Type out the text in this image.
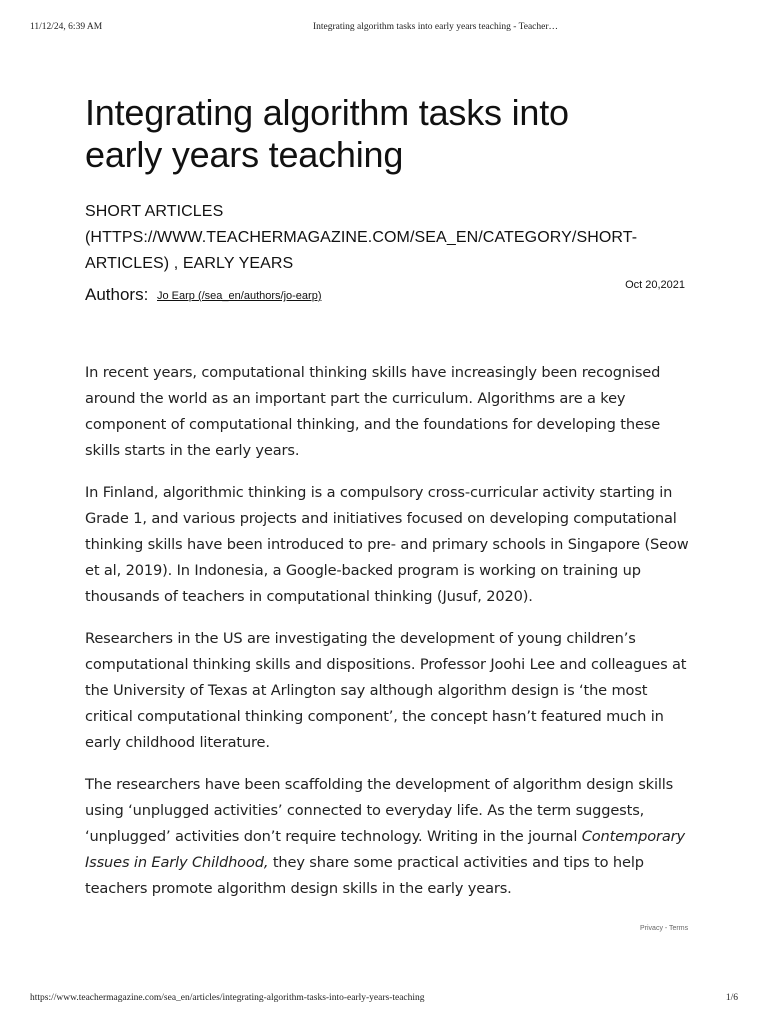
11/12/24, 6:39 AM	Integrating algorithm tasks into early years teaching - Teacher…
Integrating algorithm tasks into
early years teaching
SHORT ARTICLES (HTTPS://WWW.TEACHERMAGAZINE.COM/SEA_EN/CATEGORY/SHORT-ARTICLES) , EARLY YEARS
Authors: Jo Earp (/sea_en/authors/jo-earp)
Oct 20,2021

In recent years, computational thinking skills have increasingly been recognised around the world as an important part the curriculum. Algorithms are a key component of computational thinking, and the foundations for developing these skills starts in the early years.

In Finland, algorithmic thinking is a compulsory cross-curricular activity starting in Grade 1, and various projects and initiatives focused on developing computational thinking skills have been introduced to pre- and primary schools in Singapore (Seow et al, 2019). In Indonesia, a Google-backed program is working on training up thousands of teachers in computational thinking (Jusuf, 2020).

Researchers in the US are investigating the development of young children’s computational thinking skills and dispositions. Professor Joohi Lee and colleagues at the University of Texas at Arlington say although algorithm design is ‘the most critical computational thinking component’, the concept hasn’t featured much in early childhood literature.

The researchers have been scaffolding the development of algorithm design skills using ‘unplugged activities’ connected to everyday life. As the term suggests, ‘unplugged’ activities don’t require technology. Writing in the journal Contemporary Issues in Early Childhood, they share some practical activities and tips to help teachers promote algorithm design skills in the early years.

Privacy - Terms
https://www.teachermagazine.com/sea_en/articles/integrating-algorithm-tasks-into-early-years-teaching	1/6
